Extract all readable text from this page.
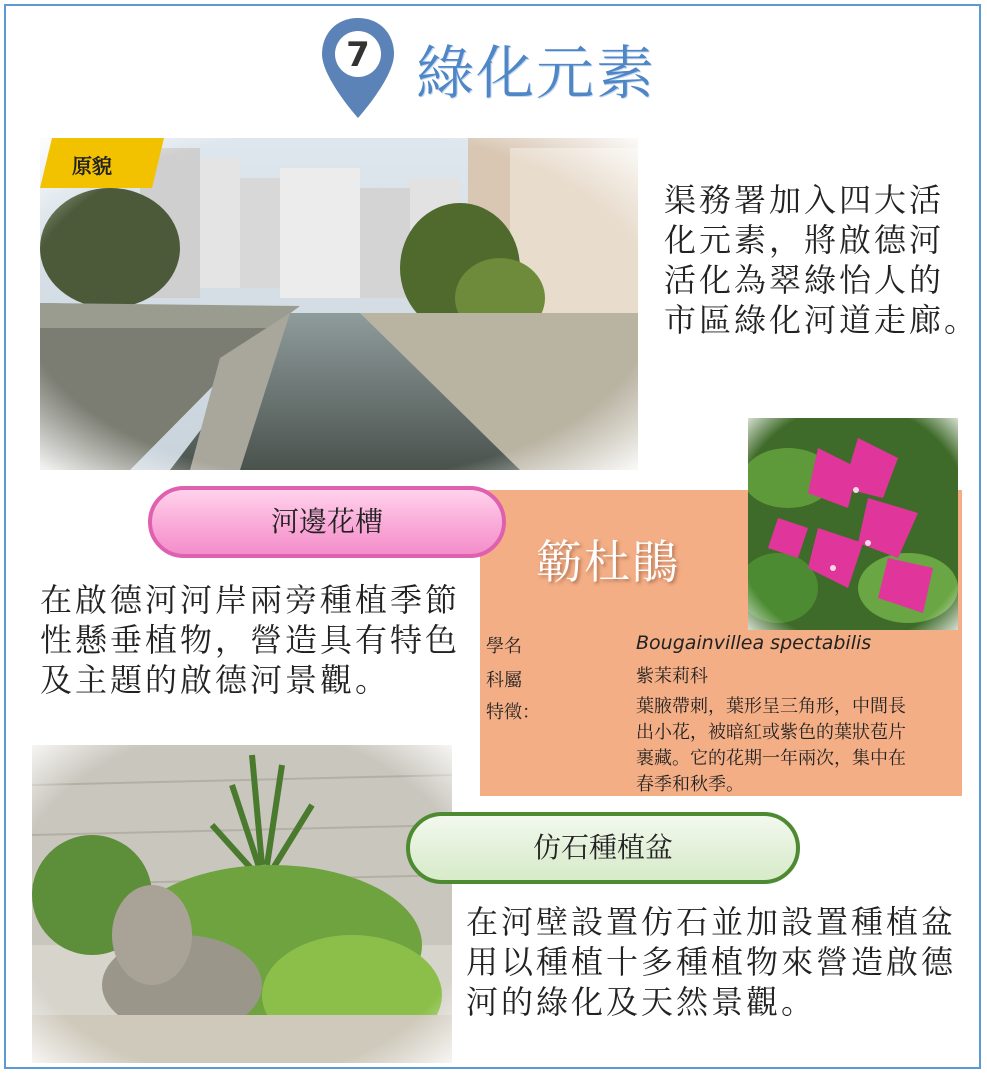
7 綠化元素
原貌
渠務署加入四大活
化元素，將啟德河
活化為翠綠怡人的
市區綠化河道走廊。
簕杜鵑
學名	Bougainvillea spectabilis
科屬	紫茉莉科
特徵：	葉腋帶刺，葉形呈三角形，中間長
出小花，被暗紅或紫色的葉狀苞片
裹藏。它的花期一年兩次，集中在
春季和秋季。
河邊花槽
在啟德河河岸兩旁種植季節
性懸垂植物，營造具有特色
及主題的啟德河景觀。
仿石種植盆
在河壁設置仿石並加設置種植盆
用以種植十多種植物來營造啟德
河的綠化及天然景觀。
